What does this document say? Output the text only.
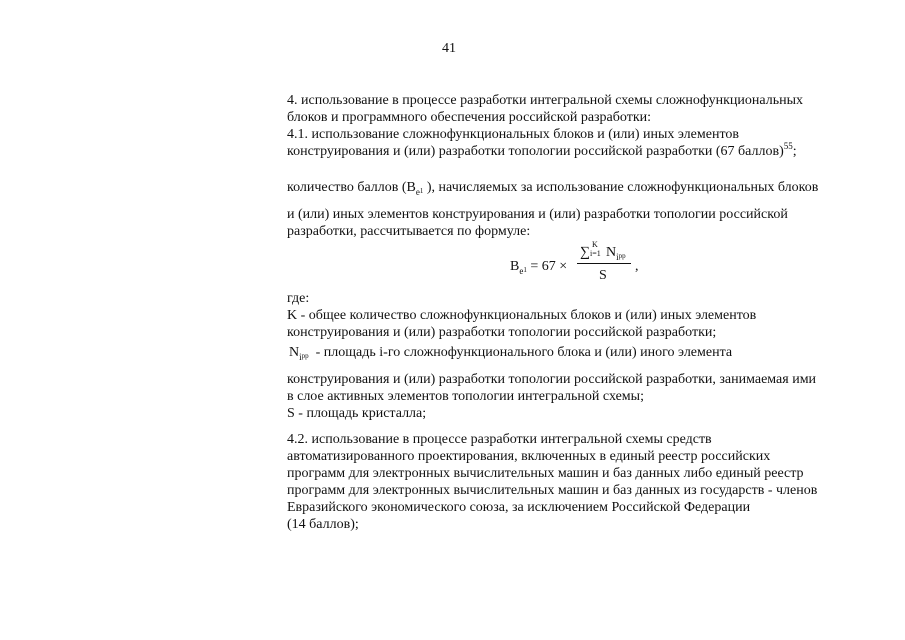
41
4. использование в процессе разработки интегральной схемы сложнофункциональных
блоков и программного обеспечения российской разработки:
4.1. использование сложнофункциональных блоков и (или) иных элементов
конструирования и (или) разработки топологии российской разработки (67 баллов)$^{55}$;
количество баллов ($B_e1$ ), начисляемых за использование сложнофункциональных блоков
и (или) иных элементов конструирования и (или) разработки топологии российской
разработки, рассчитывается по формуле:
$B_e1 = 67$ ×
∑
K
i=1 $N_ipp$
S
,
где:
K - общее количество сложнофункциональных блоков и (или) иных элементов
конструирования и (или) разработки топологии российской разработки;
$N_ipp$ - площадь i-го сложнофункционального блока и (или) иного элемента
конструирования и (или) разработки топологии российской разработки, занимаемая ими
в слое активных элементов топологии интегральной схемы;
S - площадь кристалла;
4.2. использование в процессе разработки интегральной схемы средств
автоматизированного проектирования, включенных в единый реестр российских
программ для электронных вычислительных машин и баз данных либо единый реестр
программ для электронных вычислительных машин и баз данных из государств - членов
Евразийского экономического союза, за исключением Российской Федерации
(14 баллов);
